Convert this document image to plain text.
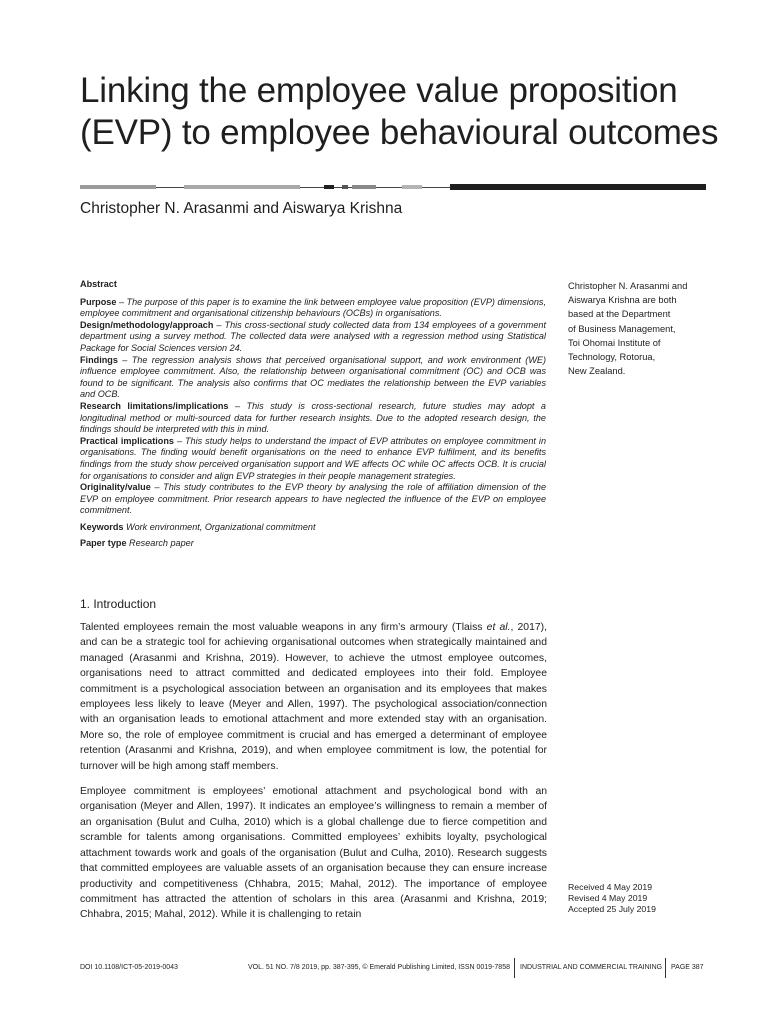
Linking the employee value proposition
(EVP) to employee behavioural outcomes
Christopher N. Arasanmi and Aiswarya Krishna

Abstract

Purpose – The purpose of this paper is to examine the link between employee value proposition (EVP) dimensions, employee commitment and organisational citizenship behaviours (OCBs) in organisations.

Design/methodology/approach – This cross-sectional study collected data from 134 employees of a government department using a survey method. The collected data were analysed with a regression method using Statistical Package for Social Sciences version 24.

Findings – The regression analysis shows that perceived organisational support, and work environment (WE) influence employee commitment. Also, the relationship between organisational commitment (OC) and OCB was found to be significant. The analysis also confirms that OC mediates the relationship between the EVP variables and OCB.

Research limitations/implications – This study is cross-sectional research, future studies may adopt a longitudinal method or multi-sourced data for further research insights. Due to the adopted research design, the findings should be interpreted with this in mind.

Practical implications – This study helps to understand the impact of EVP attributes on employee commitment in organisations. The finding would benefit organisations on the need to enhance EVP fulfilment, and its benefits findings from the study show perceived organisation support and WE affects OC while OC affects OCB. It is crucial for organisations to consider and align EVP strategies in their people management strategies.

Originality/value – This study contributes to the EVP theory by analysing the role of affiliation dimension of the EVP on employee commitment. Prior research appears to have neglected the influence of the EVP on employee commitment.

Keywords Work environment, Organizational commitment

Paper type Research paper

Christopher N. Arasanmi and
Aiswarya Krishna are both
based at the Department
of Business Management,
Toi Ohomai Institute of
Technology, Rotorua,
New Zealand.
1. Introduction

Talented employees remain the most valuable weapons in any firm’s armoury (Tlaiss et al., 2017), and can be a strategic tool for achieving organisational outcomes when strategically maintained and managed (Arasanmi and Krishna, 2019). However, to achieve the utmost employee outcomes, organisations need to attract committed and dedicated employees into their fold. Employee commitment is a psychological association between an organisation and its employees that makes employees less likely to leave (Meyer and Allen, 1997). The psychological association/connection with an organisation leads to emotional attachment and more extended stay with an organisation. More so, the role of employee commitment is crucial and has emerged a determinant of employee retention (Arasanmi and Krishna, 2019), and when employee commitment is low, the potential for turnover will be high among staff members.

Employee commitment is employees’ emotional attachment and psychological bond with an organisation (Meyer and Allen, 1997). It indicates an employee’s willingness to remain a member of an organisation (Bulut and Culha, 2010) which is a global challenge due to fierce competition and scramble for talents among organisations. Committed employees’ exhibits loyalty, psychological attachment towards work and goals of the organisation (Bulut and Culha, 2010). Research suggests that committed employees are valuable assets of an organisation because they can ensure increase productivity and competitiveness (Chhabra, 2015; Mahal, 2012). The importance of employee commitment has attracted the attention of scholars in this area (Arasanmi and Krishna, 2019; Chhabra, 2015; Mahal, 2012). While it is challenging to retain

Received 4 May 2019
Revised 4 May 2019
Accepted 25 July 2019
DOI 10.1108/ICT-05-2019-0043	VOL. 51 NO. 7/8 2019, pp. 387-395, © Emerald Publishing Limited, ISSN 0019-7858 INDUSTRIAL AND COMMERCIAL TRAINING PAGE 387
